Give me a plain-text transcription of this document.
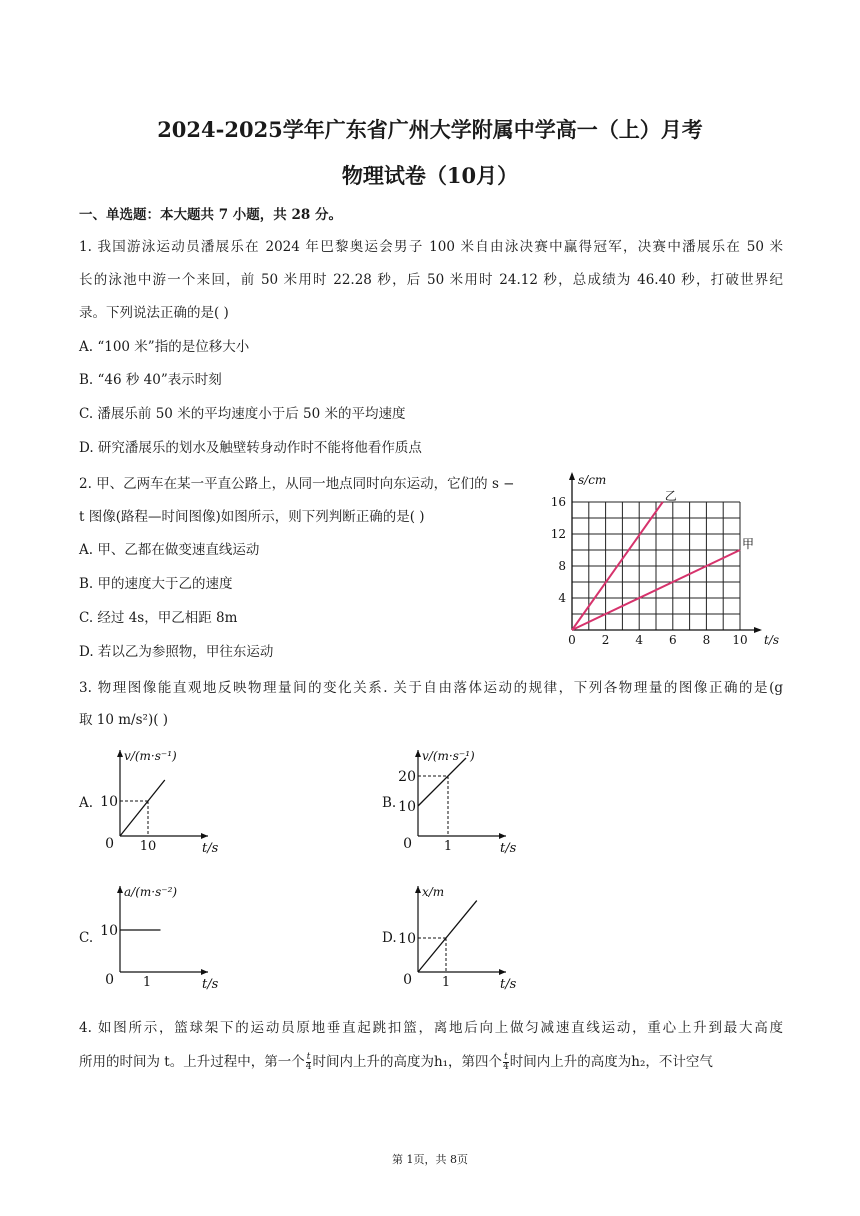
2024-2025学年广东省广州大学附属中学高一（上）月考
物理试卷（10月）
一、单选题：本大题共 7 小题，共 28 分。
1. 我国游泳运动员潘展乐在 2024 年巴黎奥运会男子 100 米自由泳决赛中赢得冠军，决赛中潘展乐在 50 米
长的泳池中游一个来回，前 50 米用时 22.28 秒，后 50 米用时 24.12 秒，总成绩为 46.40 秒，打破世界纪
录。下列说法正确的是( )
A. “100 米”指的是位移大小
B. “46 秒 40”表示时刻
C. 潘展乐前 50 米的平均速度小于后 50 米的平均速度
D. 研究潘展乐的划水及触壁转身动作时不能将他看作质点
2. 甲、乙两车在某一平直公路上，从同一地点同时向东运动，它们的 s −
t 图像(路程—时间图像)如图所示，则下列判断正确的是( )
A. 甲、乙都在做变速直线运动
B. 甲的速度大于乙的速度
C. 经过 4s，甲乙相距 8m
D. 若以乙为参照物，甲往东运动
0 2 4 6 8 10
4
8
12
16
s/cm
t/s
乙
甲
3. 物理图像能直观地反映物理量间的变化关系. 关于自由落体运动的规律，下列各物理量的图像正确的是(g
取 10 m/s²)( )
A.	B.
C.	D.
0
v/(m·s⁻¹)
t/s
10
10	0
v/(m·s⁻¹)
t/s
10
20
1
0
a/(m·s⁻²)
t/s
10
1	0
x/m
t/s
10
1
4. 如图所示，篮球架下的运动员原地垂直起跳扣篮，离地后向上做匀减速直线运动，重心上升到最大高度
所用的时间为 t。上升过程中，第一个 $\frac{t}{4}$ 时间内上升的高度为h₁，第四个 $\frac{t}{4}$ 时间内上升的高度为h₂，不计空气
第 1页，共 8页
